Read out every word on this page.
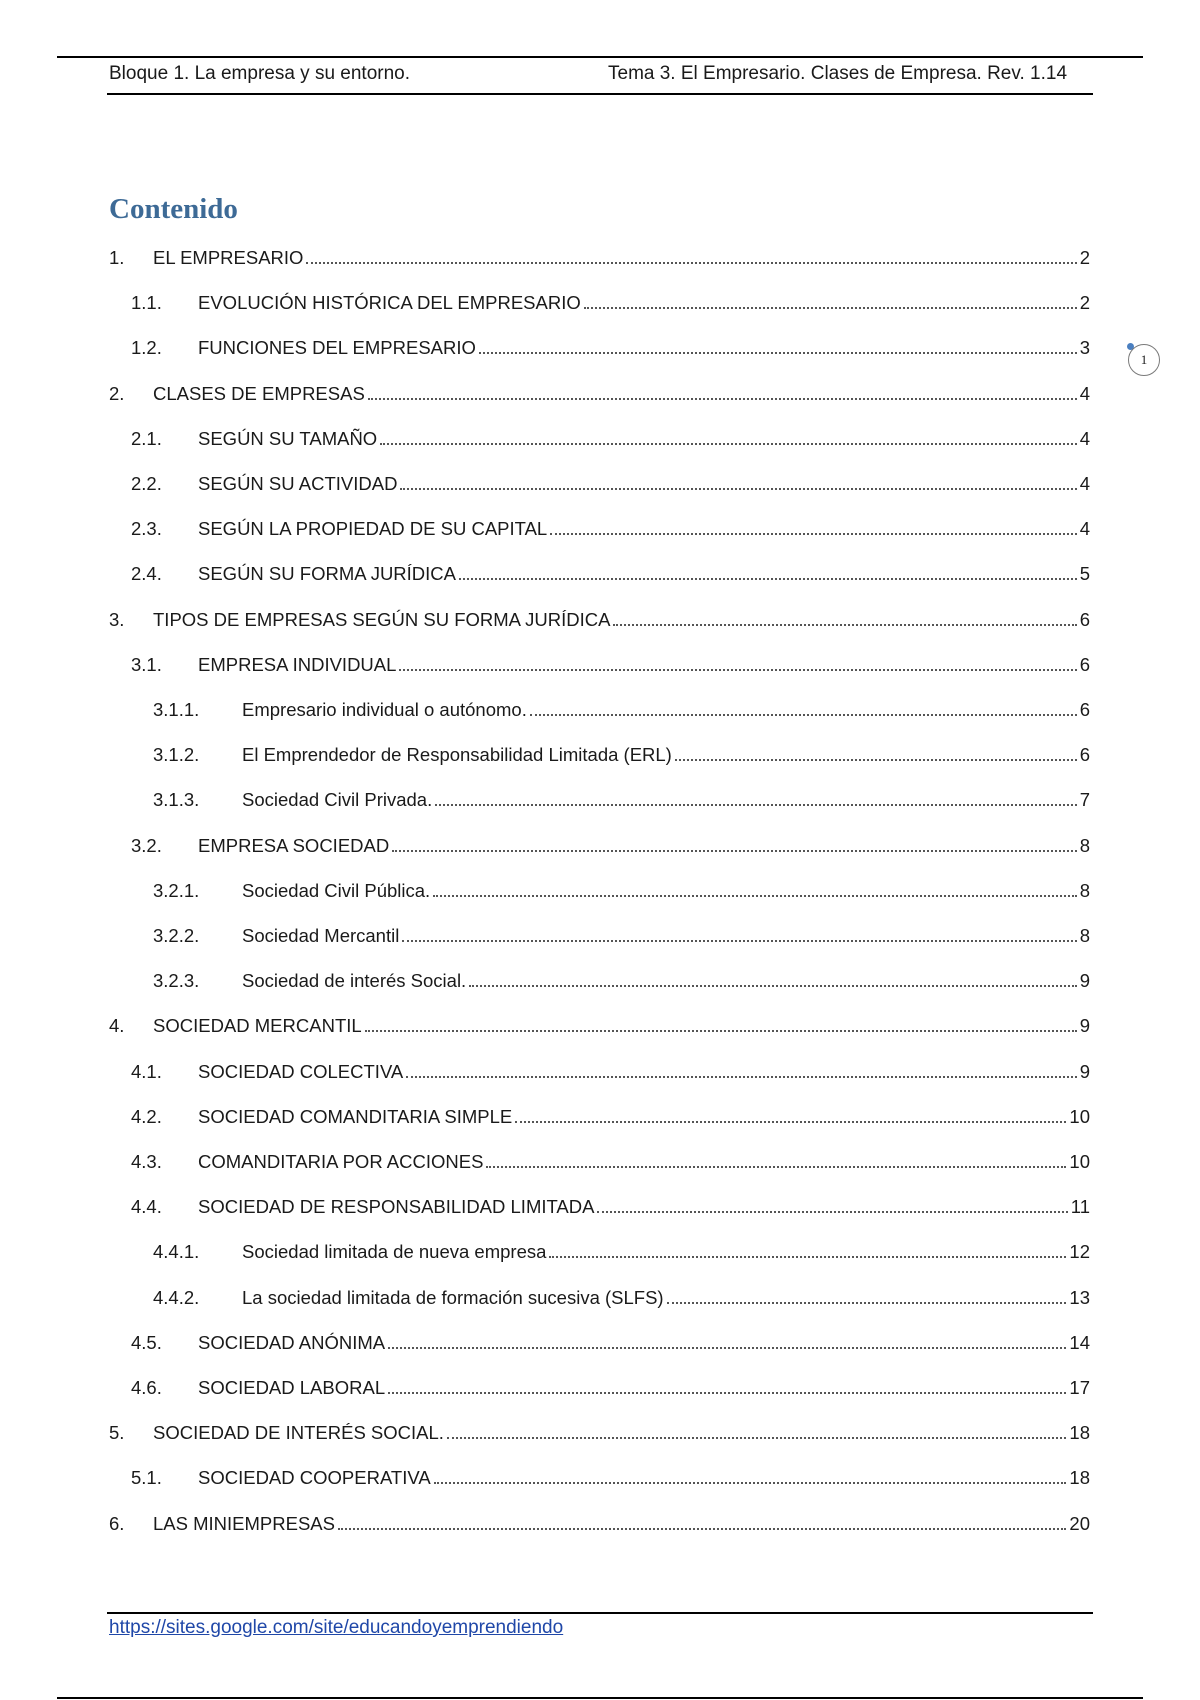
Bloque 1. La empresa y su entorno.	Tema 3. El Empresario. Clases de Empresa. Rev. 1.14
Contenido
1.	EL EMPRESARIO	2
1.1.	EVOLUCIÓN HISTÓRICA DEL EMPRESARIO	2
1.2.	FUNCIONES DEL EMPRESARIO	3
2.	CLASES DE EMPRESAS	4
2.1.	SEGÚN SU TAMAÑO	4
2.2.	SEGÚN SU ACTIVIDAD	4
2.3.	SEGÚN LA PROPIEDAD DE SU CAPITAL	4
2.4.	SEGÚN SU FORMA JURÍDICA	5
3.	TIPOS DE EMPRESAS SEGÚN SU FORMA JURÍDICA	6
3.1.	EMPRESA INDIVIDUAL	6
3.1.1.	Empresario individual o autónomo.	6
3.1.2.	El Emprendedor de Responsabilidad Limitada (ERL)	6
3.1.3.	Sociedad Civil Privada.	7
3.2.	EMPRESA SOCIEDAD	8
3.2.1.	Sociedad Civil Pública.	8
3.2.2.	Sociedad Mercantil	8
3.2.3.	Sociedad de interés Social.	9
4.	SOCIEDAD MERCANTIL	9
4.1.	SOCIEDAD COLECTIVA	9
4.2.	SOCIEDAD COMANDITARIA SIMPLE	10
4.3.	COMANDITARIA POR ACCIONES	10
4.4.	SOCIEDAD DE RESPONSABILIDAD LIMITADA	11
4.4.1.	Sociedad limitada de nueva empresa	12
4.4.2.	La sociedad limitada de formación sucesiva (SLFS)	13
4.5.	SOCIEDAD ANÓNIMA	14
4.6.	SOCIEDAD LABORAL	17
5.	SOCIEDAD DE INTERÉS SOCIAL.	18
5.1.	SOCIEDAD COOPERATIVA	18
6.	LAS MINIEMPRESAS	20
1
https://sites.google.com/site/educandoyemprendiendo
